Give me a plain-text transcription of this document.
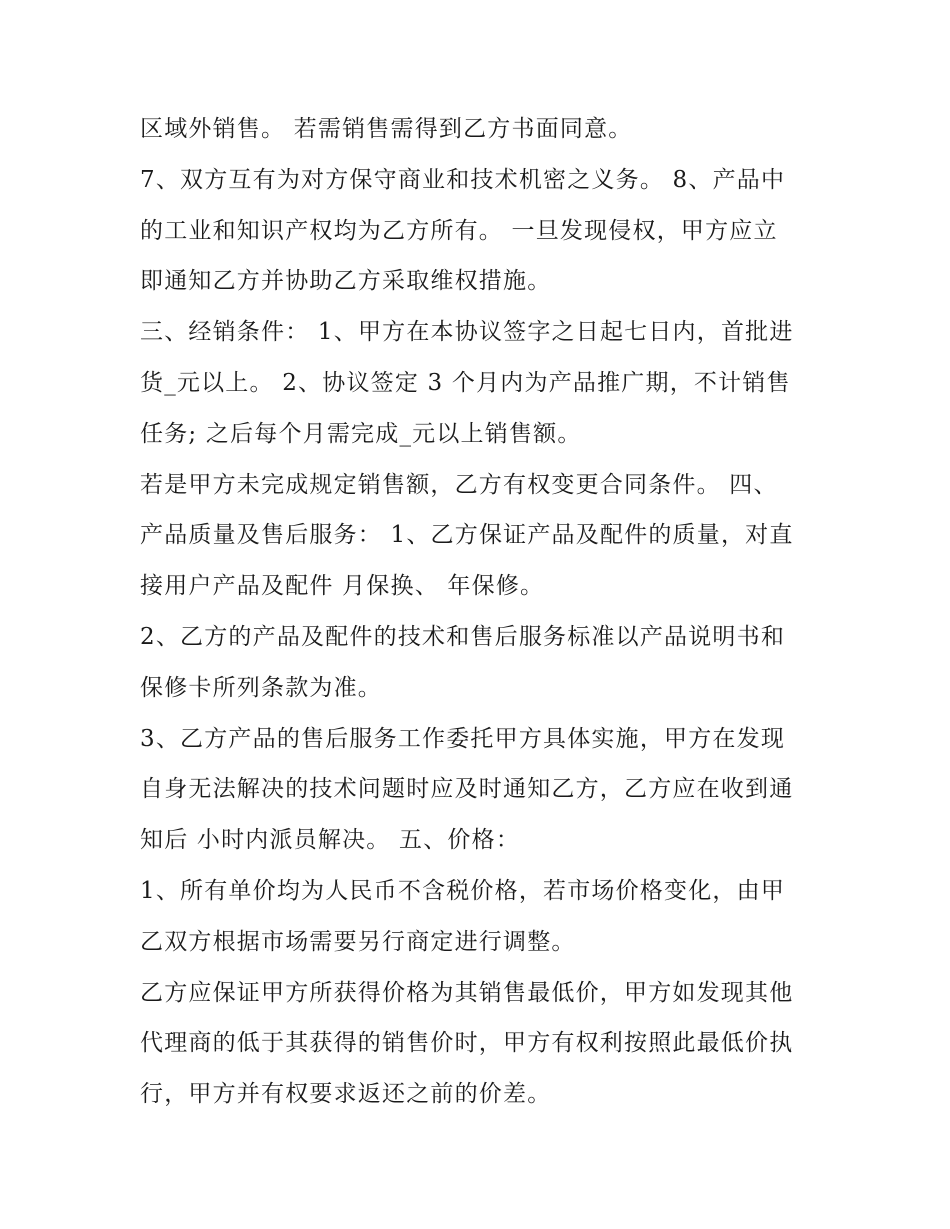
区域外销售。 若需销售需得到乙方书面同意。
7、双方互有为对方保守商业和技术机密之义务。 8、产品中
的工业和知识产权均为乙方所有。 一旦发现侵权，甲方应立
即通知乙方并协助乙方采取维权措施。
三、经销条件： 1、甲方在本协议签字之日起七日内，首批进
货_元以上。 2、协议签定 3 个月内为产品推广期，不计销售
任务; 之后每个月需完成_元以上销售额。
若是甲方未完成规定销售额，乙方有权变更合同条件。 四、
产品质量及售后服务： 1、乙方保证产品及配件的质量，对直
接用户产品及配件 月保换、 年保修。
2、乙方的产品及配件的技术和售后服务标准以产品说明书和
保修卡所列条款为准。
3、乙方产品的售后服务工作委托甲方具体实施，甲方在发现
自身无法解决的技术问题时应及时通知乙方，乙方应在收到通
知后 小时内派员解决。 五、价格：
1、所有单价均为人民币不含税价格，若市场价格变化，由甲
乙双方根据市场需要另行商定进行调整。
乙方应保证甲方所获得价格为其销售最低价，甲方如发现其他
代理商的低于其获得的销售价时，甲方有权利按照此最低价执
行，甲方并有权要求返还之前的价差。
